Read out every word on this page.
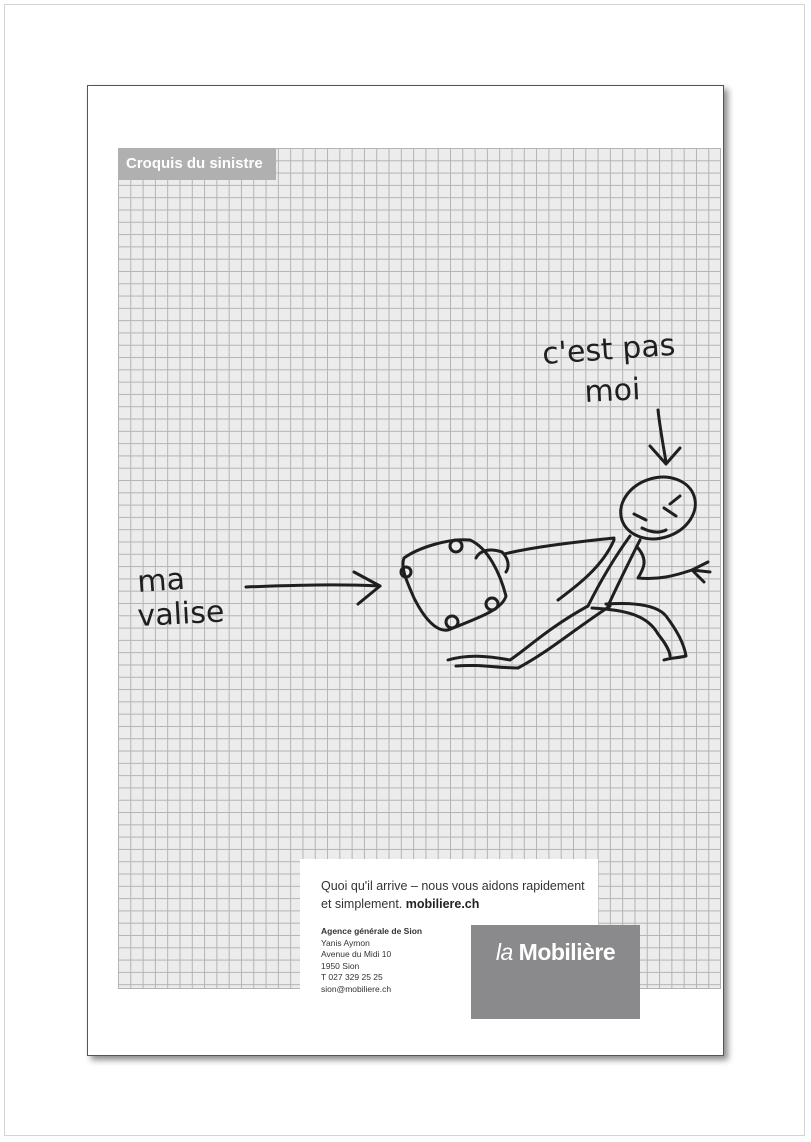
ma
valise
c'est pas
moi
Croquis du sinistre
Quoi qu'il arrive – nous vous aidons rapidement et simplement. mobiliere.ch
Agence générale de Sion
Yanis Aymon
Avenue du Midi 10
1950 Sion
T 027 329 25 25
sion@mobiliere.ch
la Mobilière
